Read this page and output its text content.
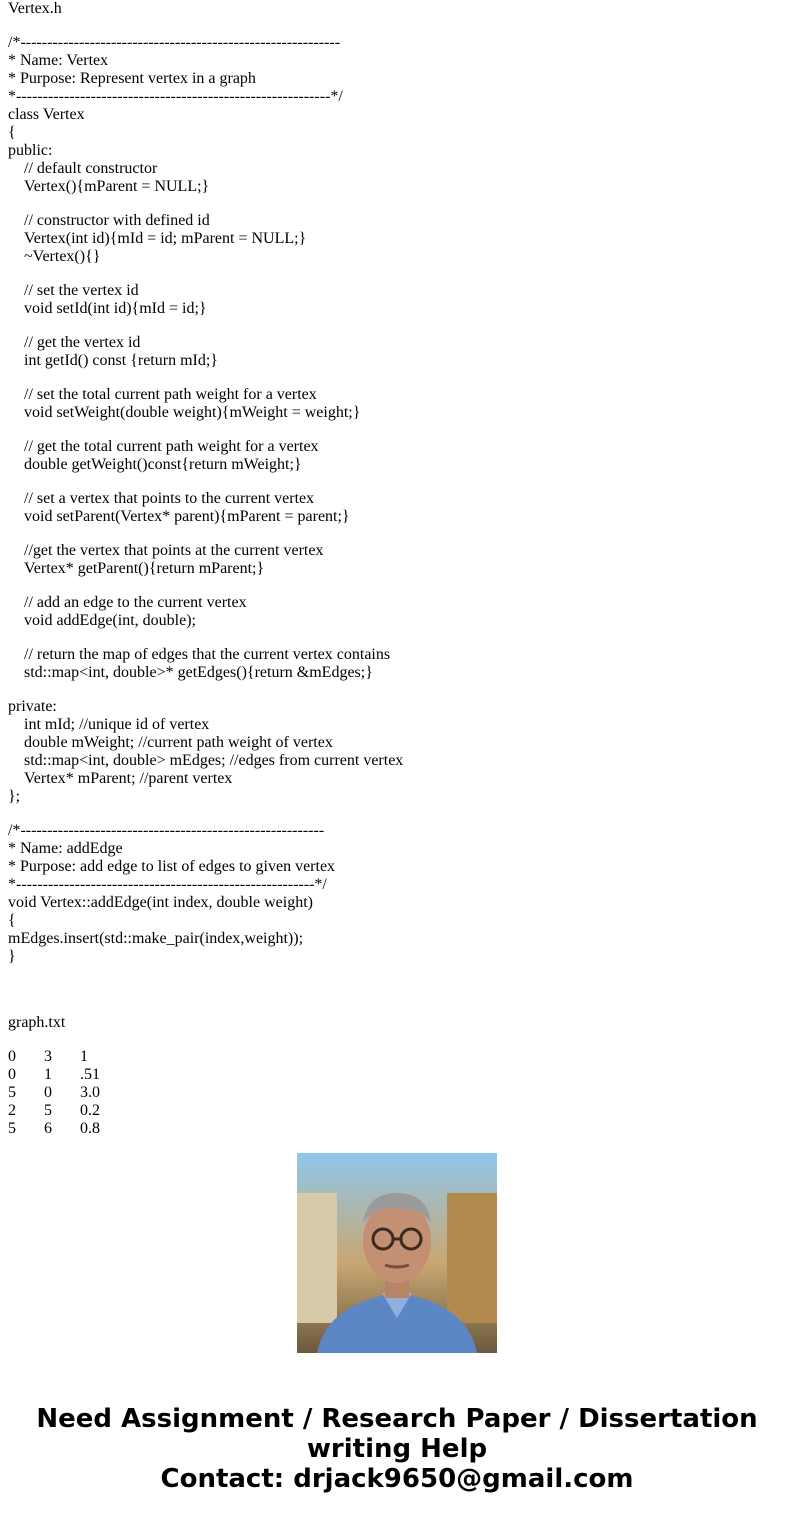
Vertex.h
/*------------------------------------------------------------
* Name: Vertex
* Purpose: Represent vertex in a graph
*-----------------------------------------------------------*/
class Vertex
{
public:
// default constructor
Vertex(){mParent = NULL;}
// constructor with defined id
Vertex(int id){mId = id; mParent = NULL;}
~Vertex(){}
// set the vertex id
void setId(int id){mId = id;}
// get the vertex id
int getId() const {return mId;}
// set the total current path weight for a vertex
void setWeight(double weight){mWeight = weight;}
// get the total current path weight for a vertex
double getWeight()const{return mWeight;}
// set a vertex that points to the current vertex
void setParent(Vertex* parent){mParent = parent;}
//get the vertex that points at the current vertex
Vertex* getParent(){return mParent;}
// add an edge to the current vertex
void addEdge(int, double);
// return the map of edges that the current vertex contains
std::map<int, double>* getEdges(){return &mEdges;}
private:
int mId; //unique id of vertex
double mWeight; //current path weight of vertex
std::map<int, double> mEdges; //edges from current vertex
Vertex* mParent; //parent vertex
};
/*---------------------------------------------------------
* Name: addEdge
* Purpose: add edge to list of edges to given vertex
*--------------------------------------------------------*/
void Vertex::addEdge(int index, double weight)
{
mEdges.insert(std::make_pair(index,weight));
}
graph.txt
0	3	1
0	1	.51
5	0	3.0
2	5	0.2
5	6	0.8
Need Assignment / Research Paper / Dissertation
writing Help
Contact: drjack9650@gmail.com
